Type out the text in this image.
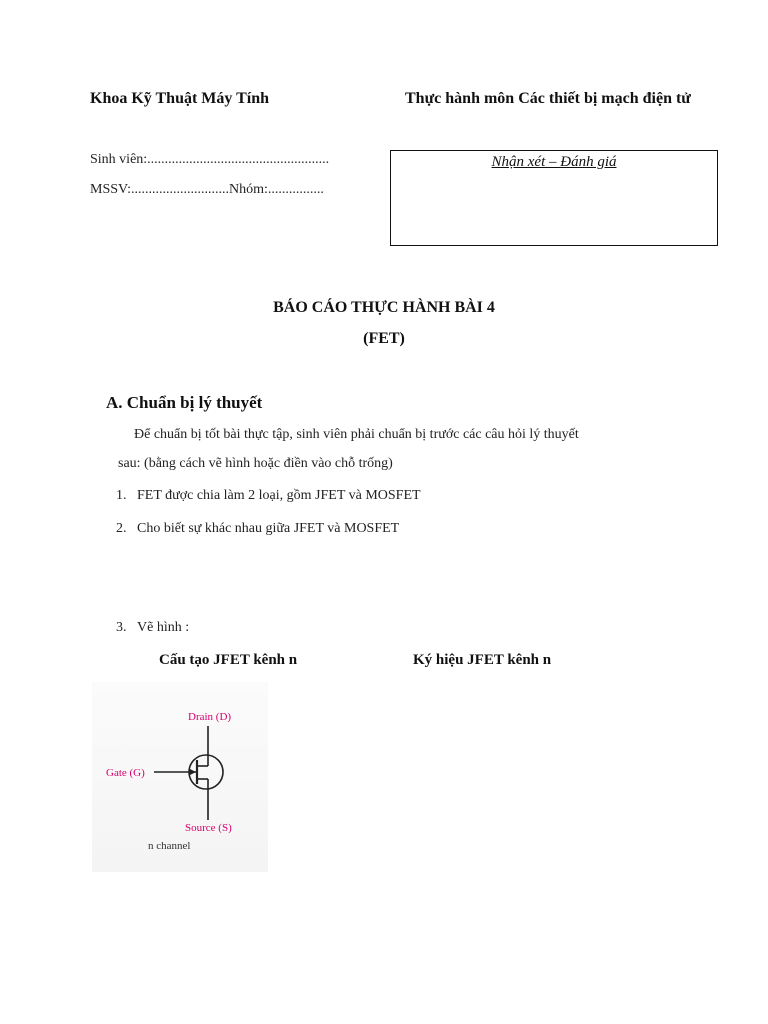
Khoa Kỹ Thuật Máy Tính	Thực hành môn Các thiết bị mạch điện tử
Sinh viên:....................................................
MSSV:............................Nhóm:................
Nhận xét – Đánh giá
BÁO CÁO THỰC HÀNH BÀI 4
(FET)
A. Chuẩn bị lý thuyết
Để chuẩn bị tốt bài thực tập, sinh viên phải chuẩn bị trước các câu hỏi lý thuyết
sau: (bằng cách vẽ hình hoặc điền vào chỗ trống)
1. FET được chia làm 2 loại, gồm JFET và MOSFET
2. Cho biết sự khác nhau giữa JFET và MOSFET
3. Vẽ hình :
Cấu tạo JFET kênh n	Ký hiệu JFET kênh n
Drain (D)
Gate (G)
Source (S)
n channel
